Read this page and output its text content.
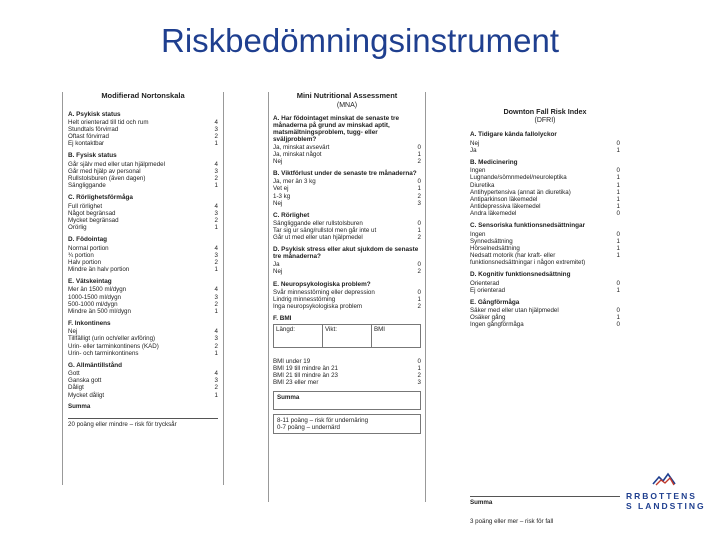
Riskbedömningsinstrument
Modifierad Nortonskala
A. Psykisk status
Helt orienterad till tid och rum	4
Stundtals förvirrad	3
Oftast förvirrad	2
Ej kontaktbar	1
B. Fysisk status
Går själv med eller utan hjälpmedel	4
Går med hjälp av personal	3
Rullstolsburen (även dagen)	2
Sängliggande	1
C. Rörlighetsförmåga
Full rörlighet	4
Något begränsad	3
Mycket begränsad	2
Orörlig	1
D. Födointag
Normal portion	4
¾ portion	3
Halv portion	2
Mindre än halv portion	1
E. Vätskeintag
Mer än 1500 ml/dygn	4
1000-1500 ml/dygn	3
500-1000 ml/dygn	2
Mindre än 500 ml/dygn	1
F. Inkontinens
Nej	4
Tillfälligt (urin och/eller avföring)	3
Urin- eller tarminkontinens (KAD)	2
Urin- och tarminkontinens	1
G. Allmäntillstånd
Gott	4
Ganska gott	3
Dåligt	2
Mycket dåligt	1
Summa
20 poäng eller mindre – risk för trycksår
Mini Nutritional Assessment
(MNA)
A. Har födointaget minskat de senaste tre månaderna på grund av minskad aptit, matsmältningsproblem, tugg- eller sväljproblem?
Ja, minskat avsevärt	0
Ja, minskat något	1
Nej	2
B. Viktförlust under de senaste tre månaderna?
Ja, mer än 3 kg	0
Vet ej	1
1-3 kg	2
Nej	3
C. Rörlighet
Sängliggande eller rullstolsburen	0
Tar sig ur säng/rullstol men går inte ut	1
Går ut med eller utan hjälpmedel	2
D. Psykisk stress eller akut sjukdom de senaste tre månaderna?
Ja	0
Nej	2
E. Neuropsykologiska problem?
Svår minnesstörning eller depression	0
Lindrig minnesstörning	1
Inga neuropsykologiska problem	2
F. BMI
Längd:	Vikt:	BMI
BMI under 19	0
BMI 19 till mindre än 21	1
BMI 21 till mindre än 23	2
BMI 23 eller mer	3
Summa
8-11 poäng – risk för undernäring
0-7 poäng – undernärd
Downton Fall Risk Index
(DFRI)
A. Tidigare kända fallolyckor
Nej	0
Ja	1
B. Medicinering
Ingen	0
Lugnande/sömnmedel/neuroleptika	1
Diuretika	1
Antihypertensiva (annat än diuretika)	1
Antiparkinson läkemedel	1
Antidepressiva läkemedel	1
Andra läkemedel	0
C. Sensoriska funktionsnedsättningar
Ingen	0
Synnedsättning	1
Hörselnedsättning	1
Nedsatt motorik (har kraft- eller funktionsnedsättningar i någon extremitet)
1
D. Kognitiv funktionsnedsättning
Orienterad	0
Ej orienterad	1
E. Gångförmåga
Säker med eller utan hjälpmedel	0
Osäker gång	1
Ingen gångförmåga	0
Summa
3 poäng eller mer – risk för fall
RRBOTTENS
S LANDSTING
